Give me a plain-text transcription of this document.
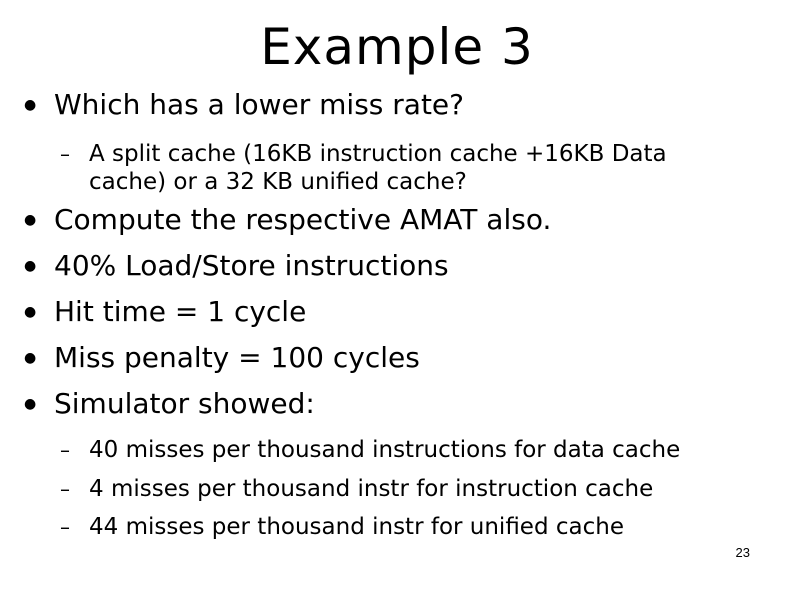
Example 3
● Which has a lower miss rate?
– A split cache (16KB instruction cache +16KB Data cache) or a 32 KB unified cache?
● Compute the respective AMAT also.
● 40% Load/Store instructions
● Hit time = 1 cycle
● Miss penalty = 100 cycles
● Simulator showed:
– 40 misses per thousand instructions for data cache
– 4 misses per thousand instr for instruction cache
– 44 misses per thousand instr for unified cache
23
